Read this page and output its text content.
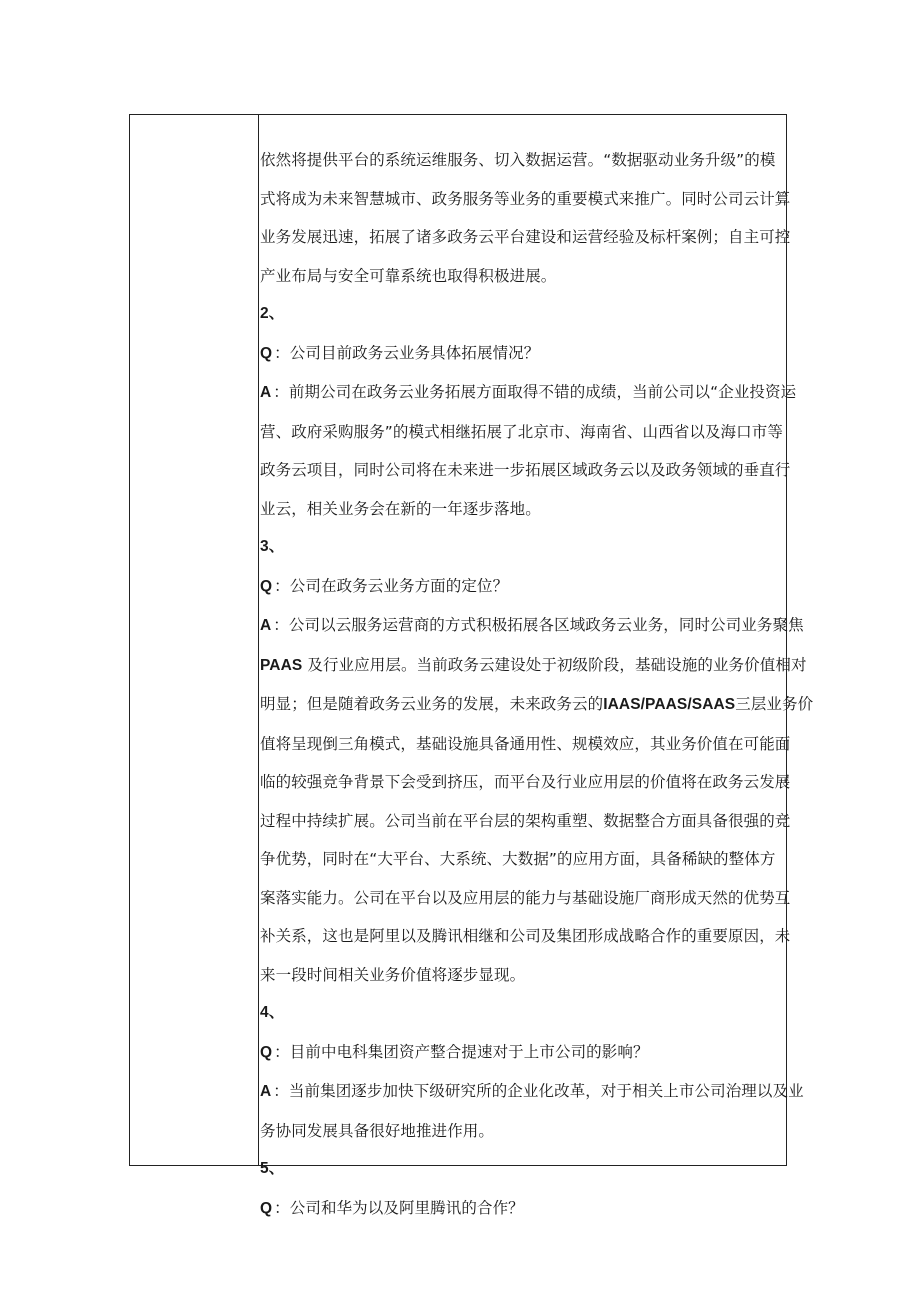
依然将提供平台的系统运维服务、切入数据运营。“数据驱动业务升级”的模
式将成为未来智慧城市、政务服务等业务的重要模式来推广。同时公司云计算
业务发展迅速，拓展了诸多政务云平台建设和运营经验及标杆案例；自主可控
产业布局与安全可靠系统也取得积极进展。

2、

Q ：公司目前政务云业务具体拓展情况？

A ：前期公司在政务云业务拓展方面取得不错的成绩，当前公司以“企业投资运
营、政府采购服务”的模式相继拓展了北京市、海南省、山西省以及海口市等
政务云项目，同时公司将在未来进一步拓展区域政务云以及政务领域的垂直行
业云，相关业务会在新的一年逐步落地。

3、

Q ：公司在政务云业务方面的定位？

A ：公司以云服务运营商的方式积极拓展各区域政务云业务，同时公司业务聚焦
PAAS 及行业应用层。当前政务云建设处于初级阶段，基础设施的业务价值相对
明显；但是随着政务云业务的发展，未来政务云的IAAS/PAAS/SAAS三层业务价
值将呈现倒三角模式，基础设施具备通用性、规模效应，其业务价值在可能面
临的较强竞争背景下会受到挤压，而平台及行业应用层的价值将在政务云发展
过程中持续扩展。公司当前在平台层的架构重塑、数据整合方面具备很强的竞
争优势，同时在“大平台、大系统、大数据”的应用方面，具备稀缺的整体方
案落实能力。公司在平台以及应用层的能力与基础设施厂商形成天然的优势互
补关系，这也是阿里以及腾讯相继和公司及集团形成战略合作的重要原因，未
来一段时间相关业务价值将逐步显现。

4、

Q ：目前中电科集团资产整合提速对于上市公司的影响？

A ：当前集团逐步加快下级研究所的企业化改革，对于相关上市公司治理以及业
务协同发展具备很好地推进作用。

5、

Q ：公司和华为以及阿里腾讯的合作？
